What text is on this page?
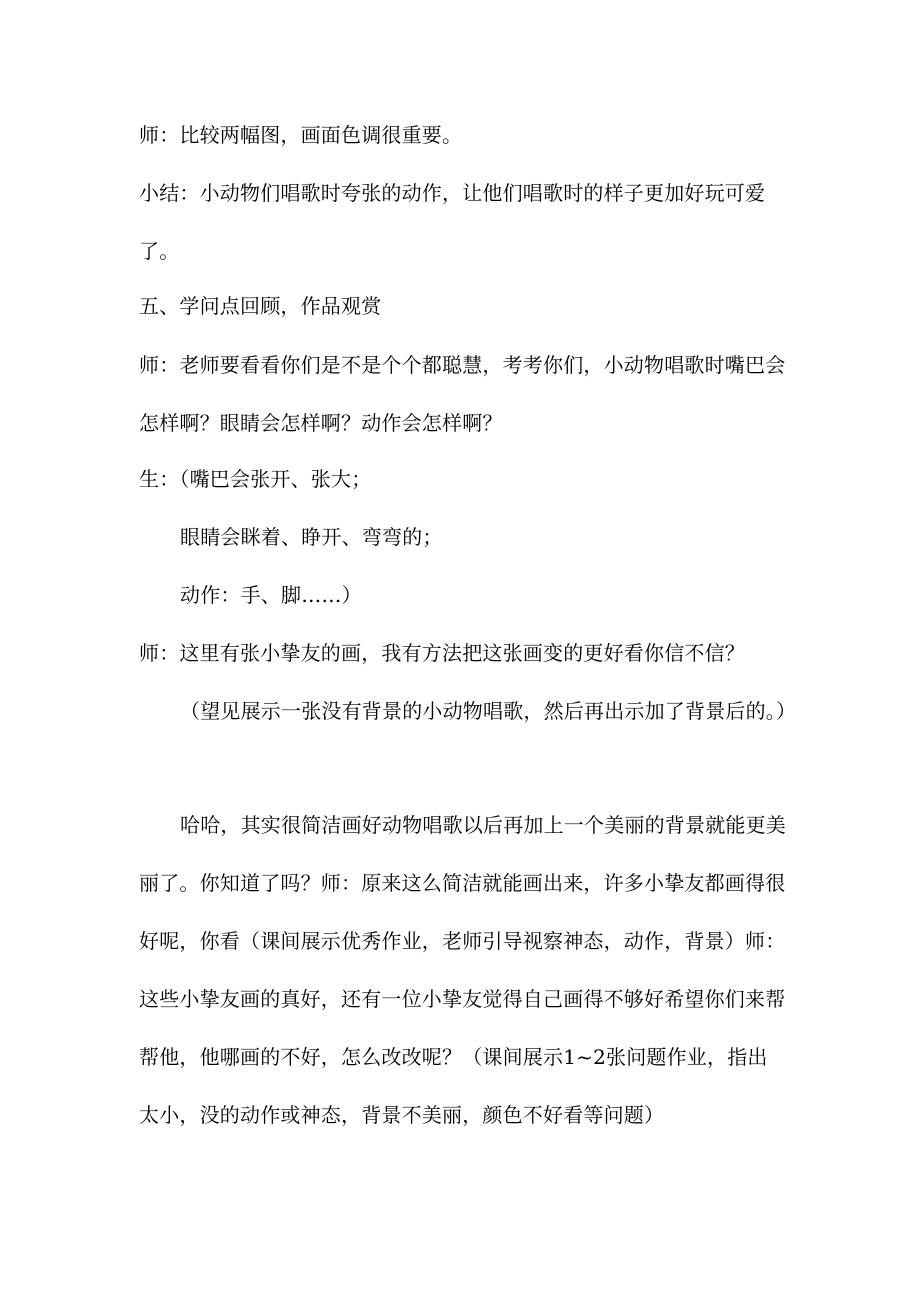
师：比较两幅图，画面色调很重要。

小结：小动物们唱歌时夸张的动作，让他们唱歌时的样子更加好玩可爱了。

五、学问点回顾，作品观赏

师：老师要看看你们是不是个个都聪慧，考考你们，小动物唱歌时嘴巴会怎样啊？眼睛会怎样啊？动作会怎样啊？

生：（嘴巴会张开、张大；

眼睛会眯着、睁开、弯弯的；

动作：手、脚……）

师：这里有张小挚友的画，我有方法把这张画变的更好看你信不信？

（望见展示一张没有背景的小动物唱歌，然后再出示加了背景后的。）

哈哈，其实很简洁画好动物唱歌以后再加上一个美丽的背景就能更美丽了。你知道了吗？师：原来这么简洁就能画出来，许多小挚友都画得很好呢，你看（课间展示优秀作业，老师引导视察神态，动作，背景）师：这些小挚友画的真好，还有一位小挚友觉得自己画得不够好希望你们来帮帮他，他哪画的不好，怎么改改呢？（课间展示1~2张问题作业，指出太小，没的动作或神态，背景不美丽，颜色不好看等问题）
